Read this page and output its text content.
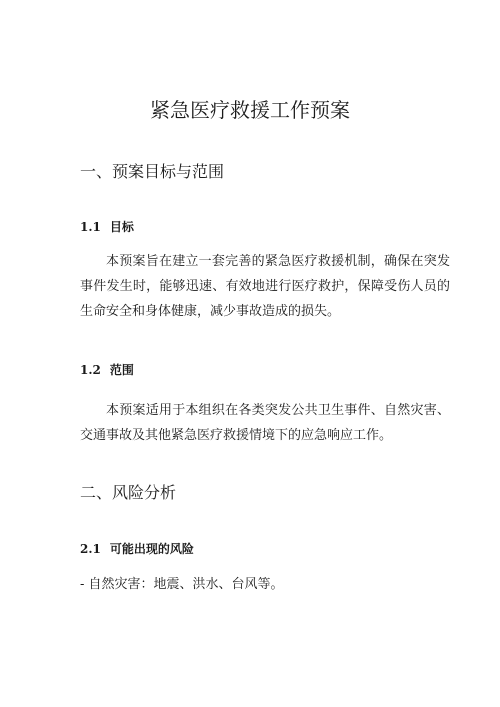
紧急医疗救援工作预案
一、预案目标与范围
1.1 目标

本预案旨在建立一套完善的紧急医疗救援机制，确保在突发事件发生时，能够迅速、有效地进行医疗救护，保障受伤人员的生命安全和身体健康，减少事故造成的损失。

1.2 范围

本预案适用于本组织在各类突发公共卫生事件、自然灾害、交通事故及其他紧急医疗救援情境下的应急响应工作。

二、风险分析
2.1 可能出现的风险

- 自然灾害：地震、洪水、台风等。
